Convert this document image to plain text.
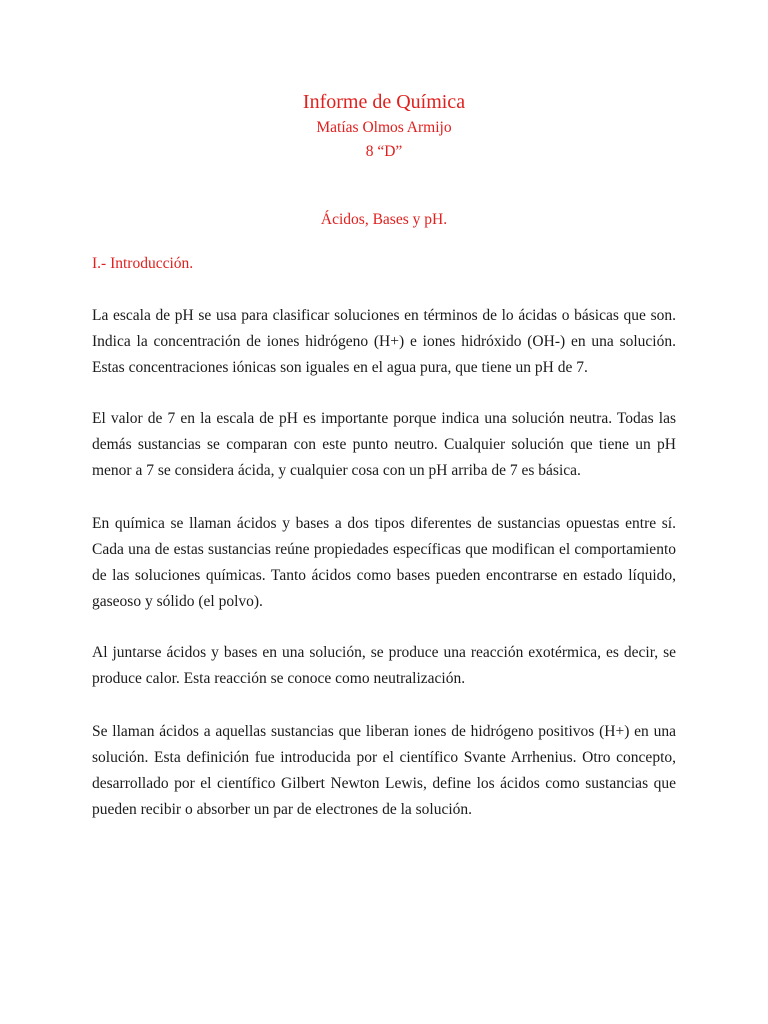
Informe de Química

Matías Olmos Armijo

8 “D”

Ácidos, Bases y pH.

I.- Introducción.

La escala de pH se usa para clasificar soluciones en términos de lo ácidas o básicas que son. Indica la concentración de iones hidrógeno (H+) e iones hidróxido (OH-) en una solución. Estas concentraciones iónicas son iguales en el agua pura, que tiene un pH de 7.

El valor de 7 en la escala de pH es importante porque indica una solución neutra. Todas las demás sustancias se comparan con este punto neutro. Cualquier solución que tiene un pH menor a 7 se considera ácida, y cualquier cosa con un pH arriba de 7 es básica.

En química se llaman ácidos y bases a dos tipos diferentes de sustancias opuestas entre sí. Cada una de estas sustancias reúne propiedades específicas que modifican el comportamiento de las soluciones químicas. Tanto ácidos como bases pueden encontrarse en estado líquido, gaseoso y sólido (el polvo).

Al juntarse ácidos y bases en una solución, se produce una reacción exotérmica, es decir, se produce calor. Esta reacción se conoce como neutralización.

Se llaman ácidos a aquellas sustancias que liberan iones de hidrógeno positivos (H+) en una solución. Esta definición fue introducida por el científico Svante Arrhenius. Otro concepto, desarrollado por el científico Gilbert Newton Lewis, define los ácidos como sustancias que pueden recibir o absorber un par de electrones de la solución.
